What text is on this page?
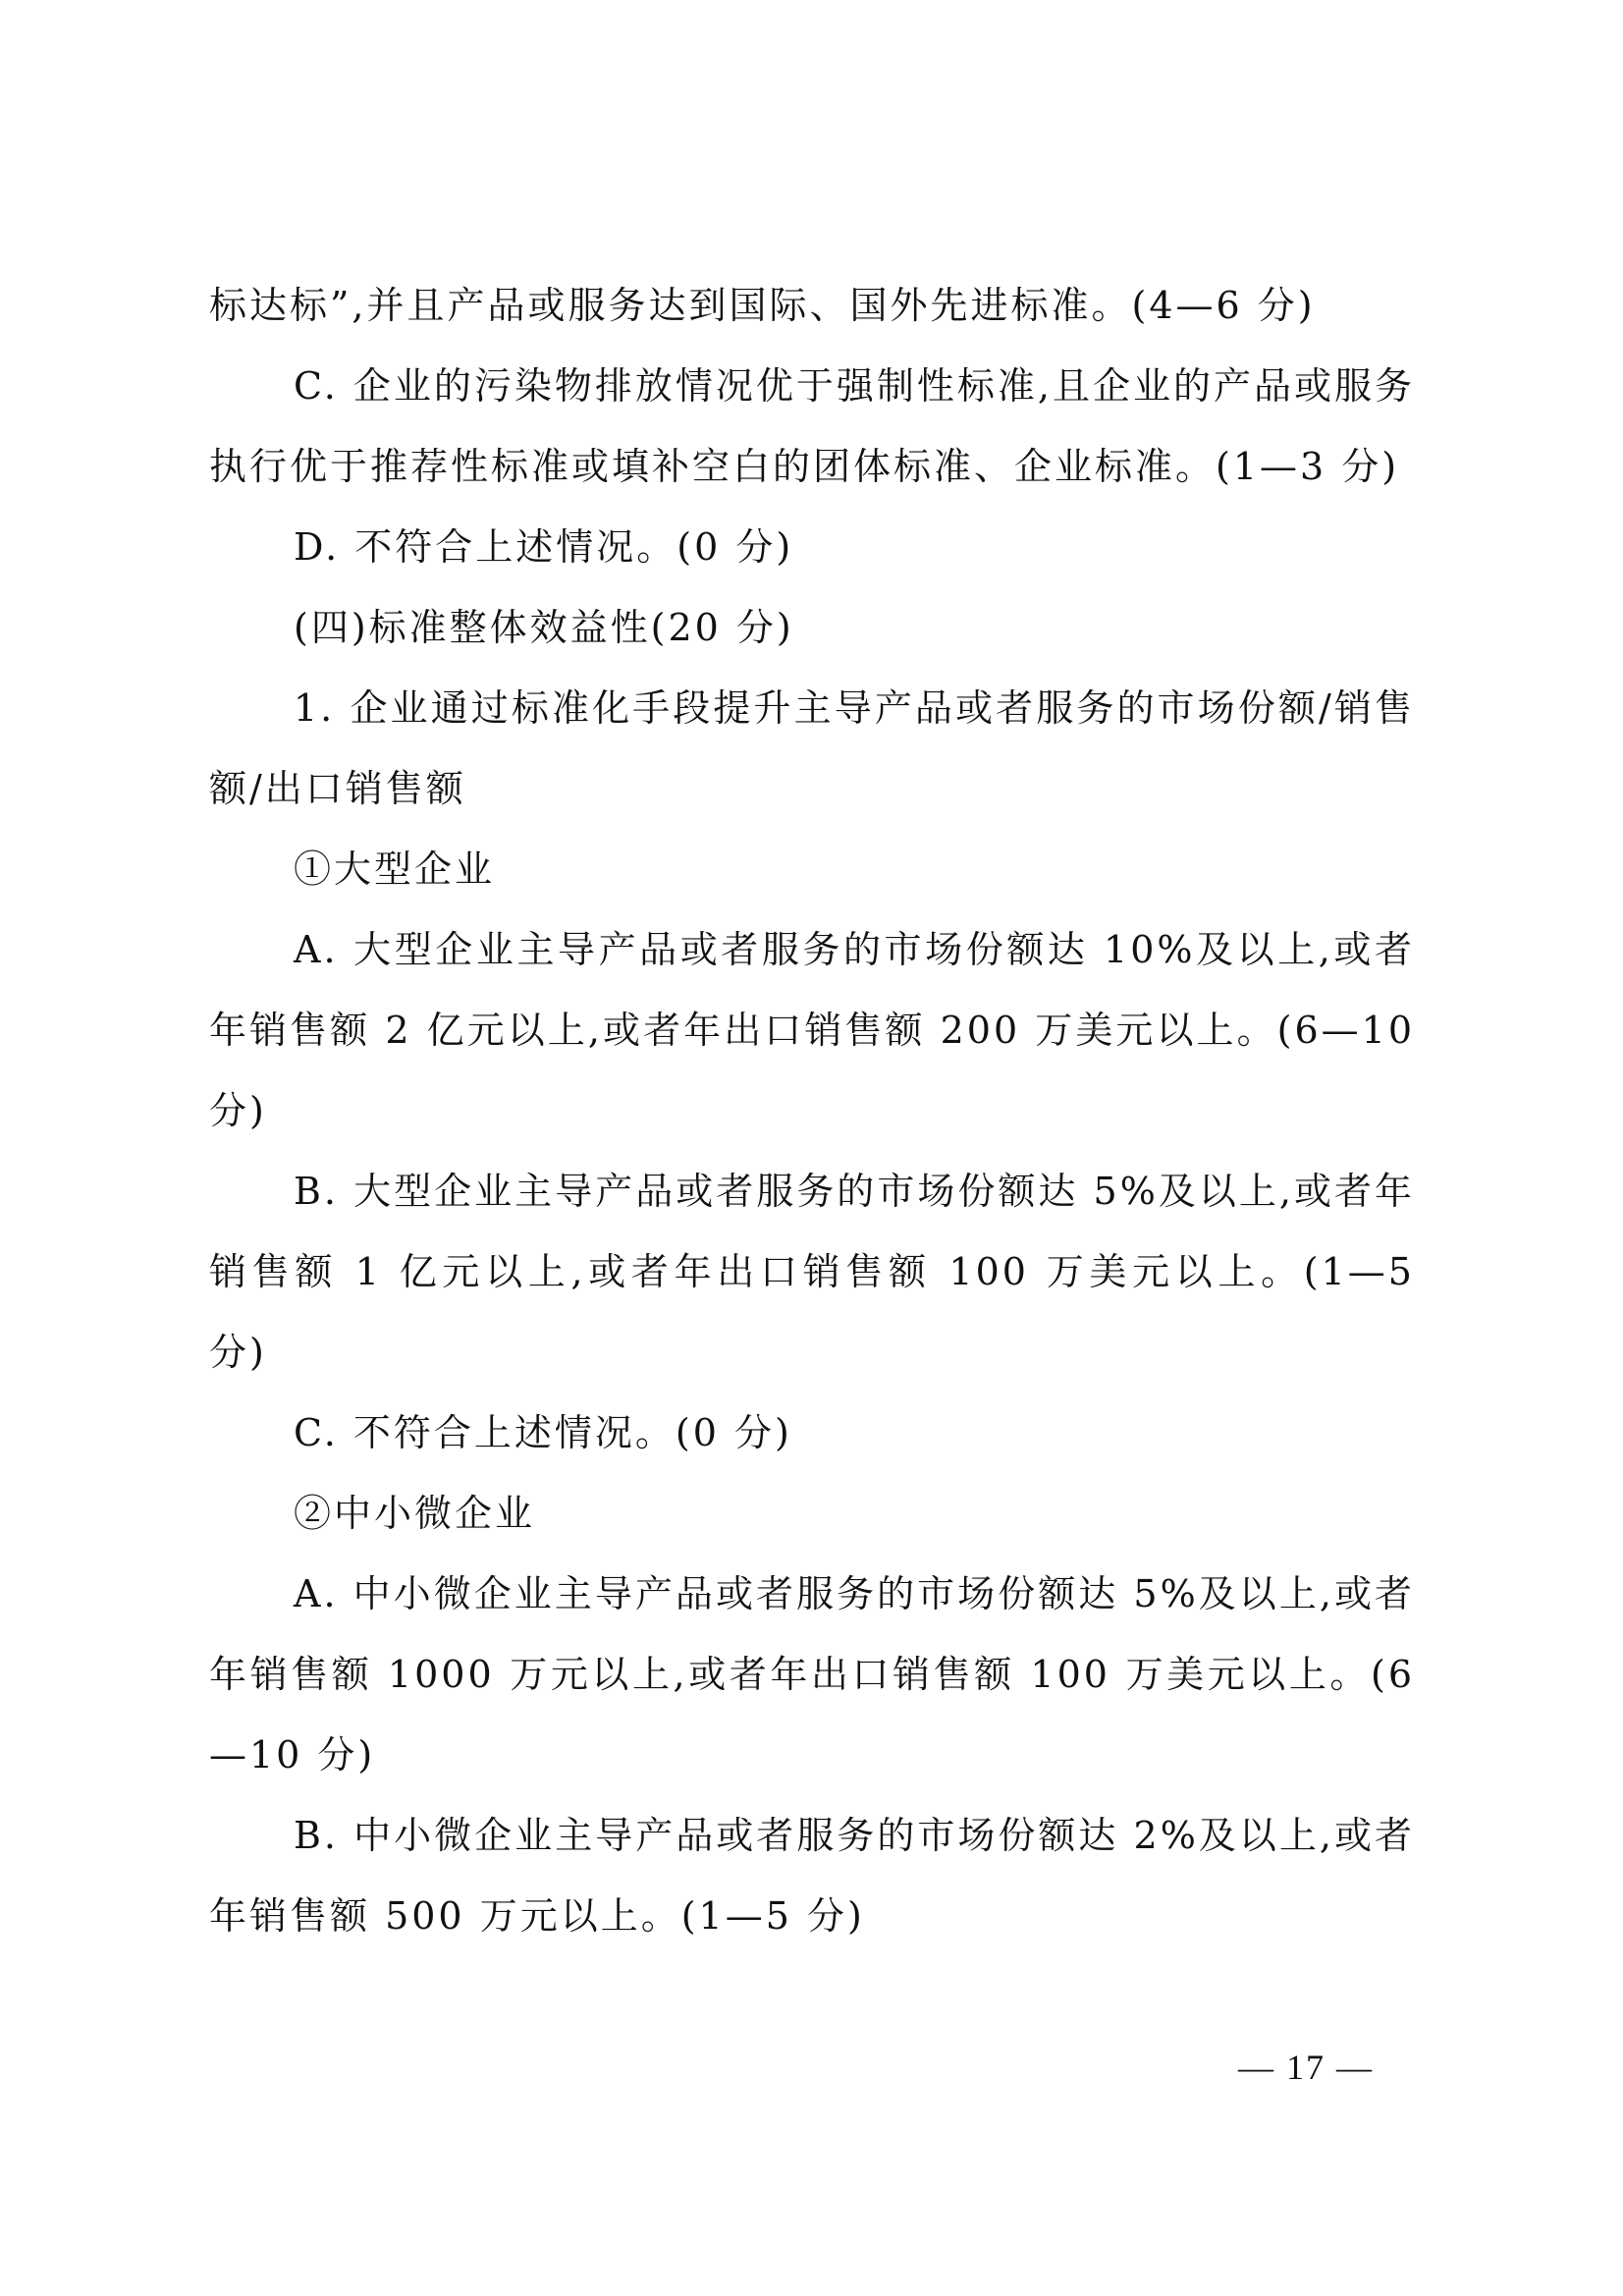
标达标”,并且产品或服务达到国际、国外先进标准。(4—6 分)

C. 企业的污染物排放情况优于强制性标准,且企业的产品或服务执行优于推荐性标准或填补空白的团体标准、企业标准。(1—3 分)

D. 不符合上述情况。(0 分)

(四)标准整体效益性(20 分)

1. 企业通过标准化手段提升主导产品或者服务的市场份额/销售额/出口销售额

①大型企业

A. 大型企业主导产品或者服务的市场份额达 10%及以上,或者年销售额 2 亿元以上,或者年出口销售额 200 万美元以上。(6—10 分)

B. 大型企业主导产品或者服务的市场份额达 5%及以上,或者年销售额 1 亿元以上,或者年出口销售额 100 万美元以上。(1—5 分)

C. 不符合上述情况。(0 分)

②中小微企业

A. 中小微企业主导产品或者服务的市场份额达 5%及以上,或者年销售额 1000 万元以上,或者年出口销售额 100 万美元以上。(6—10 分)

B. 中小微企业主导产品或者服务的市场份额达 2%及以上,或者年销售额 500 万元以上。(1—5 分)

— 17 —
